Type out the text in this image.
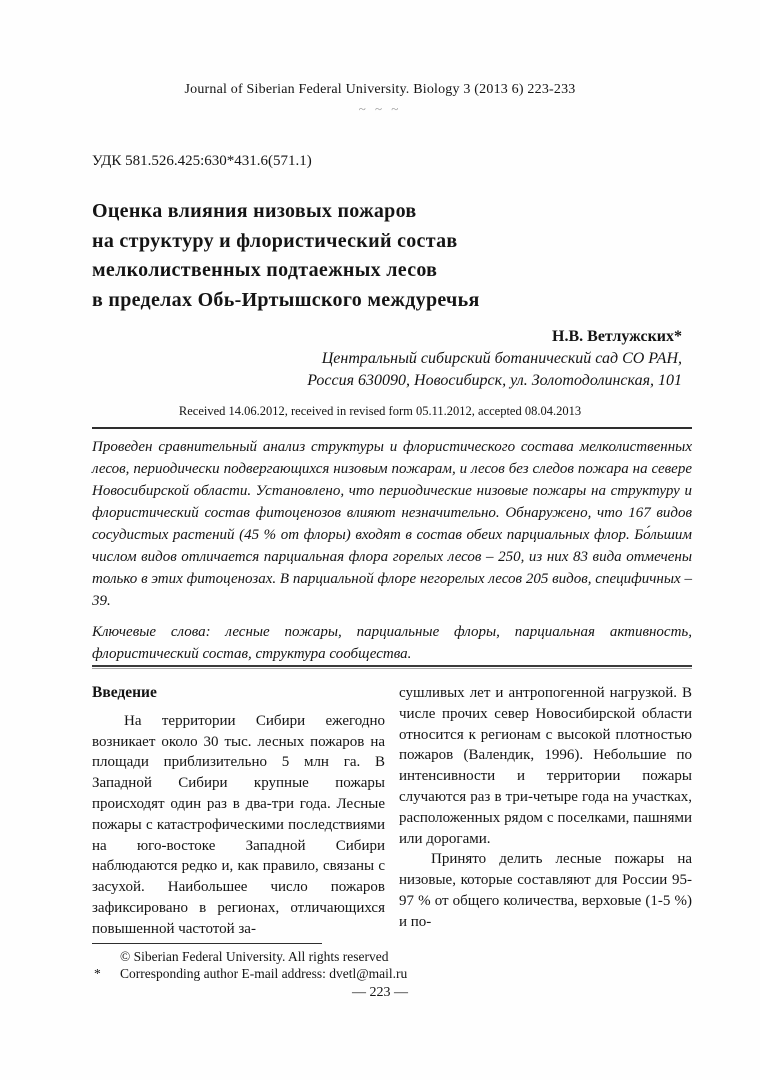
Journal of Siberian Federal University. Biology 3 (2013 6) 223-233
~ ~ ~
УДК 581.526.425:630*431.6(571.1)
Оценка влияния низовых пожаров
на структуру и флористический состав
мелколиственных подтаежных лесов
в пределах Обь-Иртышского междуречья
Н.В. Ветлужских*
Центральный сибирский ботанический сад СО РАН,
Россия 630090, Новосибирск, ул. Золотодолинская, 101
Received 14.06.2012, received in revised form 05.11.2012, accepted 08.04.2013
Проведен сравнительный анализ структуры и флористического состава мелколиственных лесов, периодически подвергающихся низовым пожарам, и лесов без следов пожара на севере Новосибирской области. Установлено, что периодические низовые пожары на структуру и флористический состав фитоценозов влияют незначительно. Обнаружено, что 167 видов сосудистых растений (45 % от флоры) входят в состав обеих парциальных флор. Бо́льшим числом видов отличается парциальная флора горелых лесов – 250, из них 83 вида отмечены только в этих фитоценозах. В парциальной флоре негорелых лесов 205 видов, специфичных – 39.
Ключевые слова: лесные пожары, парциальные флоры, парциальная активность, флористический состав, структура сообщества.
Введение

На территории Сибири ежегодно возникает около 30 тыс. лесных пожаров на площади приблизительно 5 млн га. В Западной Сибири крупные пожары происходят один раз в два-три года. Лесные пожары с катастрофическими последствиями на юго-востоке Западной Сибири наблюдаются редко и, как правило, связаны с засухой. Наибольшее число пожаров зафиксировано в регионах, отличающихся повышенной частотой за-

сушливых лет и антропогенной нагрузкой. В числе прочих север Новосибирской области относится к регионам с высокой плотностью пожаров (Валендик, 1996). Небольшие по интенсивности и территории пожары случаются раз в три-четыре года на участках, расположенных рядом с поселками, пашнями или дорогами.

Принято делить лесные пожары на низовые, которые составляют для России 95-97 % от общего количества, верховые (1-5 %) и по-

© Siberian Federal University. All rights reserved
* Corresponding author E-mail address: dvetl@mail.ru
— 223 —
